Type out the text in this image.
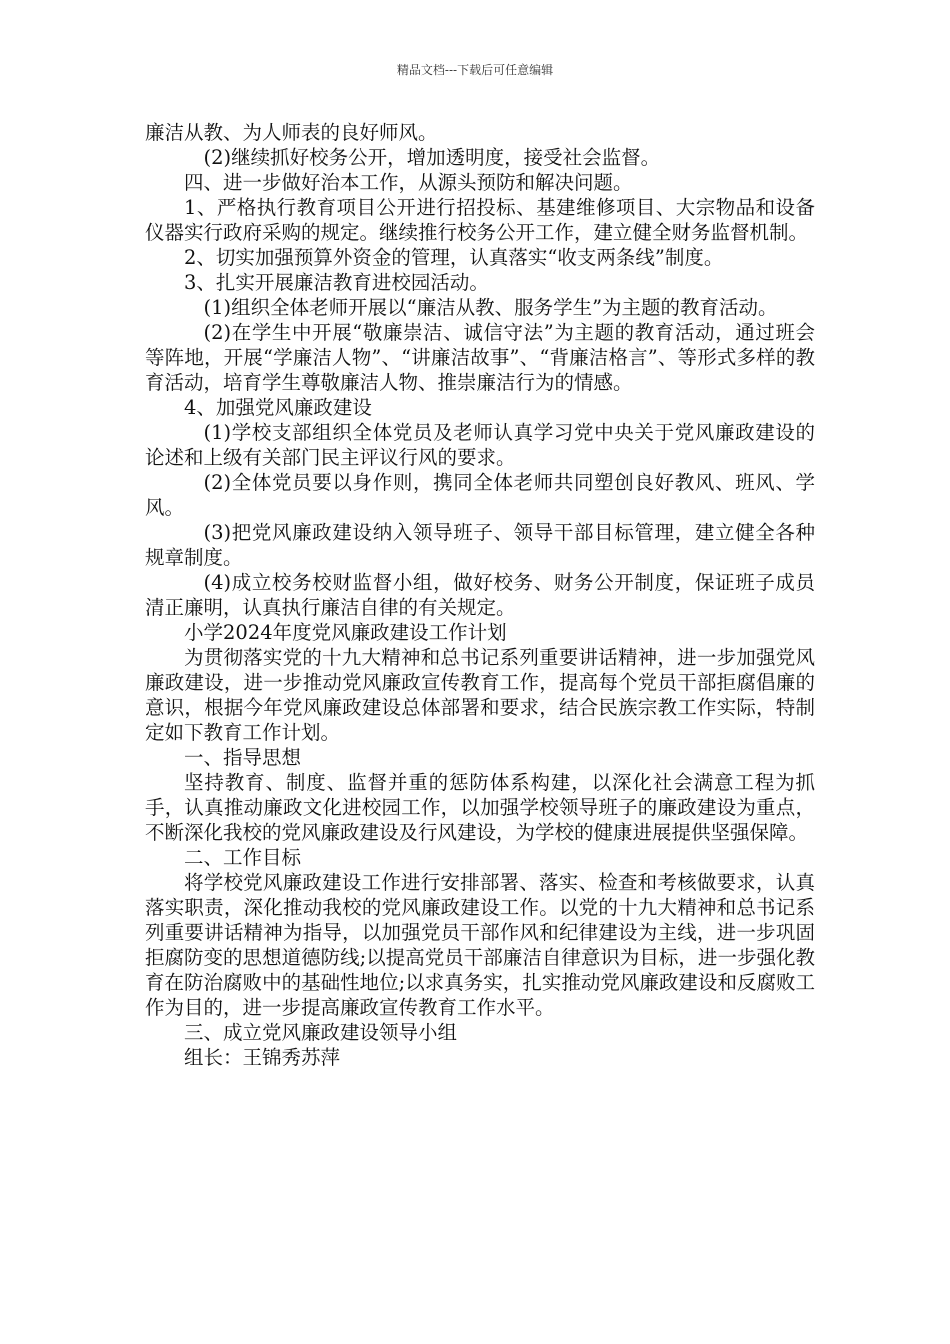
精品文档---下载后可任意编辑

廉洁从教、为人师表的良好师风。

(2)继续抓好校务公开，增加透明度，接受社会监督。

四、进一步做好治本工作，从源头预防和解决问题。

1、严格执行教育项目公开进行招投标、基建维修项目、大宗物品和设备仪器实行政府采购的规定。继续推行校务公开工作，建立健全财务监督机制。

2、切实加强预算外资金的管理，认真落实“收支两条线”制度。

3、扎实开展廉洁教育进校园活动。

(1)组织全体老师开展以“廉洁从教、服务学生”为主题的教育活动。

(2)在学生中开展“敬廉崇洁、诚信守法”为主题的教育活动，通过班会等阵地，开展“学廉洁人物”、“讲廉洁故事”、“背廉洁格言”、等形式多样的教育活动，培育学生尊敬廉洁人物、推崇廉洁行为的情感。

4、加强党风廉政建设

(1)学校支部组织全体党员及老师认真学习党中央关于党风廉政建设的论述和上级有关部门民主评议行风的要求。

(2)全体党员要以身作则，携同全体老师共同塑创良好教风、班风、学风。

(3)把党风廉政建设纳入领导班子、领导干部目标管理，建立健全各种规章制度。

(4)成立校务校财监督小组，做好校务、财务公开制度，保证班子成员清正廉明，认真执行廉洁自律的有关规定。

小学2024年度党风廉政建设工作计划

为贯彻落实党的十九大精神和总书记系列重要讲话精神，进一步加强党风廉政建设，进一步推动党风廉政宣传教育工作，提高每个党员干部拒腐倡廉的意识，根据今年党风廉政建设总体部署和要求，结合民族宗教工作实际，特制定如下教育工作计划。

一、指导思想

坚持教育、制度、监督并重的惩防体系构建，以深化社会满意工程为抓手，认真推动廉政文化进校园工作，以加强学校领导班子的廉政建设为重点，不断深化我校的党风廉政建设及行风建设，为学校的健康进展提供坚强保障。

二、工作目标

将学校党风廉政建设工作进行安排部署、落实、检查和考核做要求，认真落实职责，深化推动我校的党风廉政建设工作。以党的十九大精神和总书记系列重要讲话精神为指导，以加强党员干部作风和纪律建设为主线，进一步巩固拒腐防变的思想道德防线;以提高党员干部廉洁自律意识为目标，进一步强化教育在防治腐败中的基础性地位;以求真务实，扎实推动党风廉政建设和反腐败工作为目的，进一步提高廉政宣传教育工作水平。

三、成立党风廉政建设领导小组

组长：王锦秀苏萍
